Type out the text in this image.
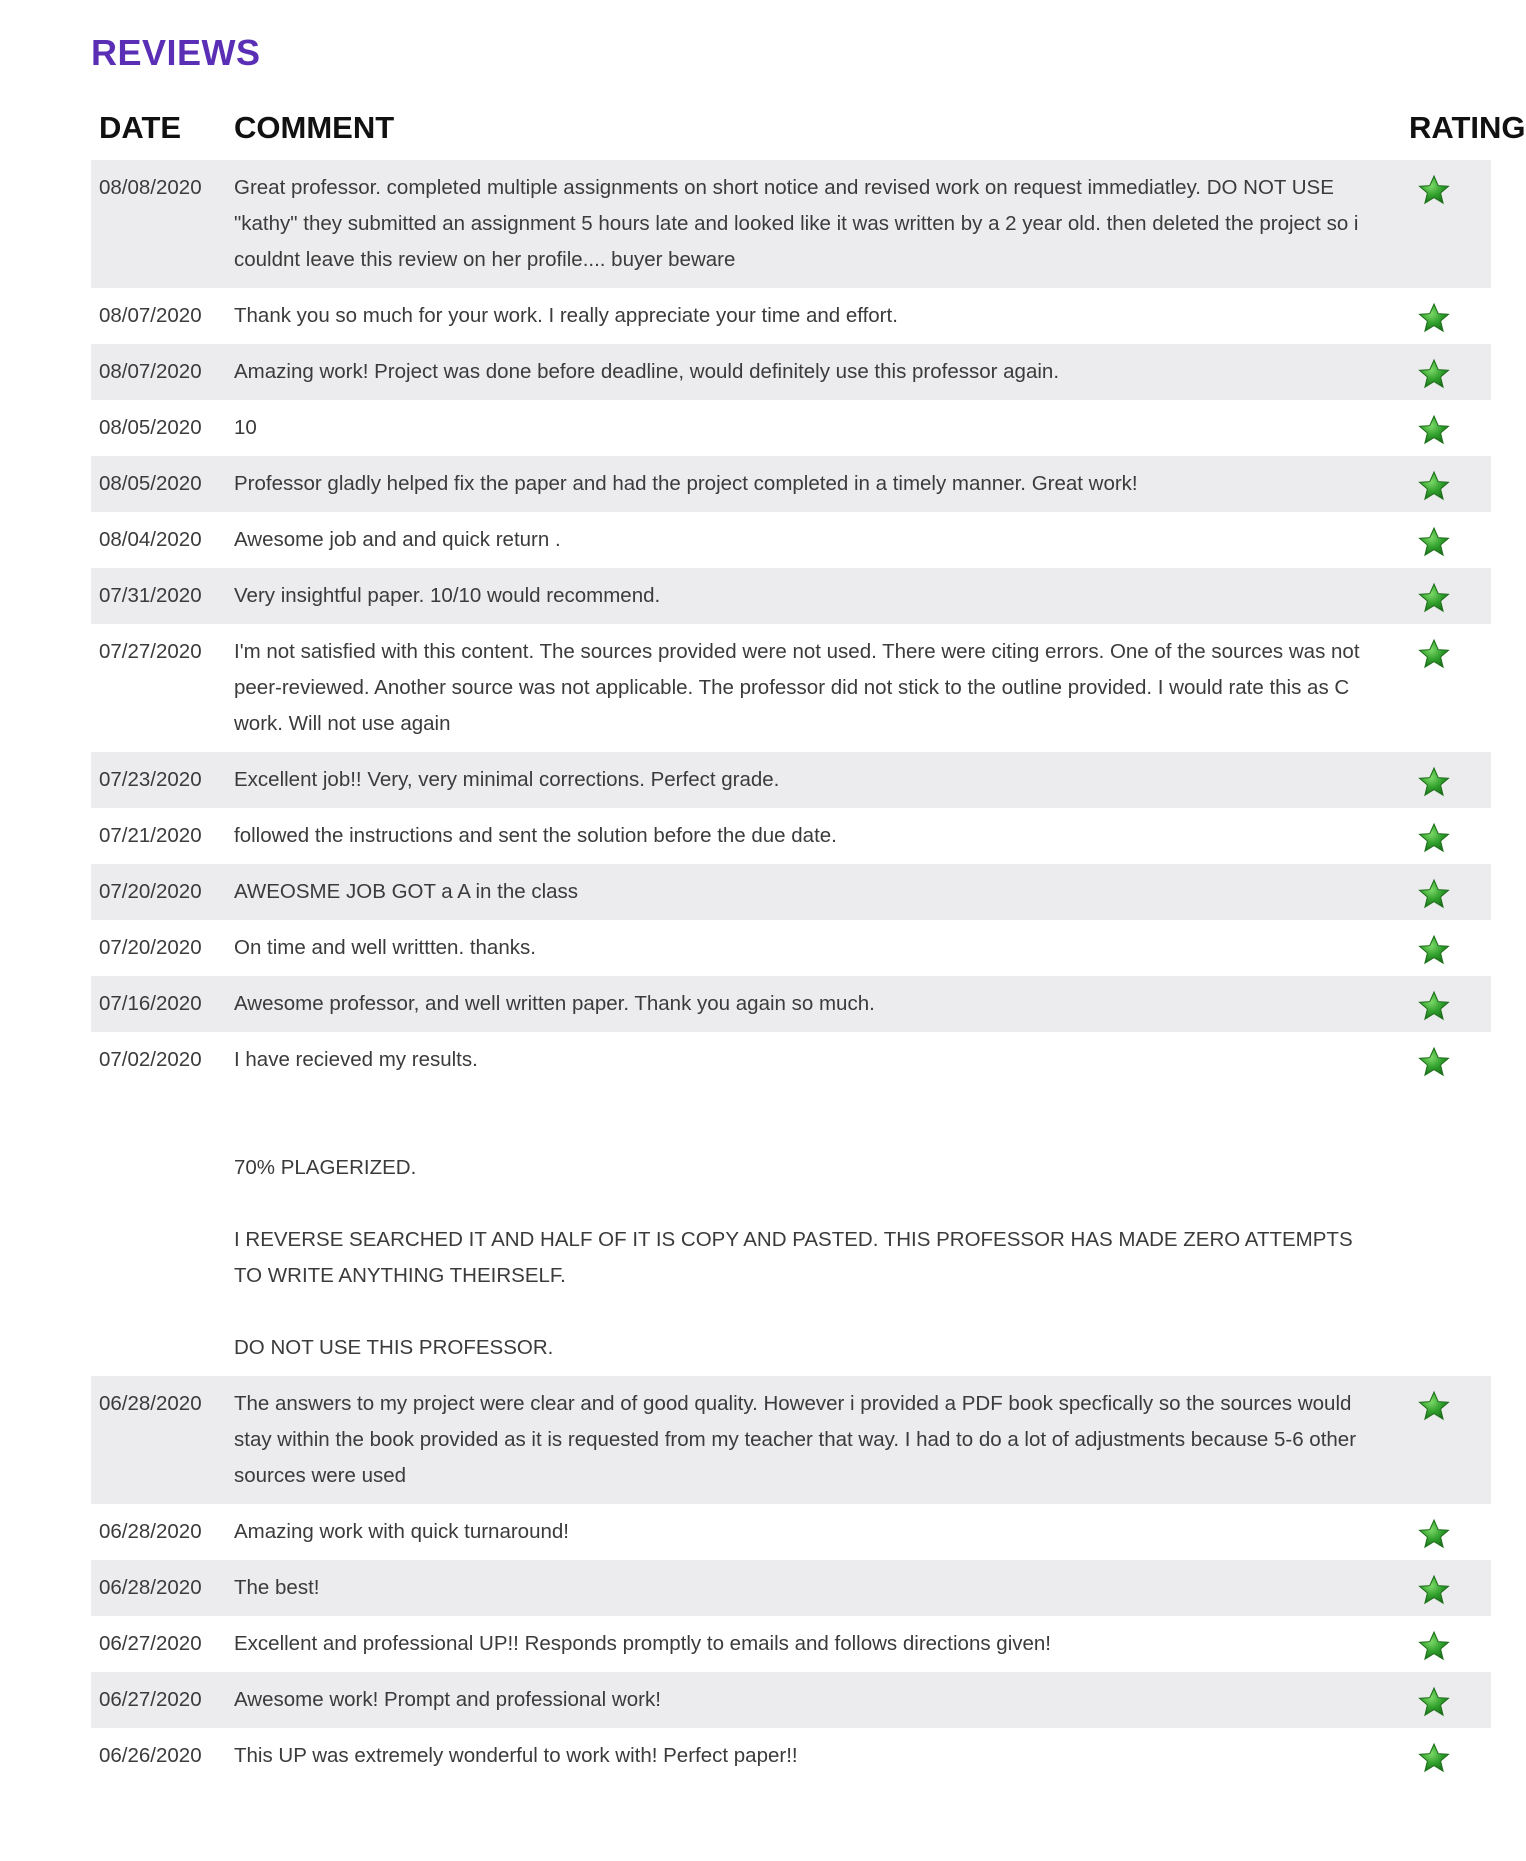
REVIEWS
DATE	COMMENT	RATING
08/08/2020	Great professor. completed multiple assignments on short notice and revised work on request immediatley. DO NOT USE "kathy" they submitted an assignment 5 hours late and looked like it was written by a 2 year old. then deleted the project so i couldnt leave this review on her profile.... buyer beware	

08/07/2020	Thank you so much for your work. I really appreciate your time and effort.	

08/07/2020	Amazing work! Project was done before deadline, would definitely use this professor again.	

08/05/2020	10	

08/05/2020	Professor gladly helped fix the paper and had the project completed in a timely manner. Great work!	

08/04/2020	Awesome job and and quick return .	

07/31/2020	Very insightful paper. 10/10 would recommend.	

07/27/2020	I'm not satisfied with this content. The sources provided were not used. There were citing errors. One of the sources was not peer-reviewed. Another source was not applicable. The professor did not stick to the outline provided. I would rate this as C work. Will not use again	

07/23/2020	Excellent job!! Very, very minimal corrections. Perfect grade.	

07/21/2020	followed the instructions and sent the solution before the due date.	

07/20/2020	AWEOSME JOB GOT a A in the class	

07/20/2020	On time and well writtten. thanks.	

07/16/2020	Awesome professor, and well written paper. Thank you again so much.	

07/02/2020	I have recieved my results.

70% PLAGERIZED.

I REVERSE SEARCHED IT AND HALF OF IT IS COPY AND PASTED. THIS PROFESSOR HAS MADE ZERO ATTEMPTS TO WRITE ANYTHING THEIRSELF.

DO NOT USE THIS PROFESSOR.	

06/28/2020	The answers to my project were clear and of good quality. However i provided a PDF book specfically so the sources would stay within the book provided as it is requested from my teacher that way. I had to do a lot of adjustments because 5-6 other sources were used	

06/28/2020	Amazing work with quick turnaround!	

06/28/2020	The best!	

06/27/2020	Excellent and professional UP!! Responds promptly to emails and follows directions given!	

06/27/2020	Awesome work! Prompt and professional work!	

06/26/2020	This UP was extremely wonderful to work with! Perfect paper!!	
